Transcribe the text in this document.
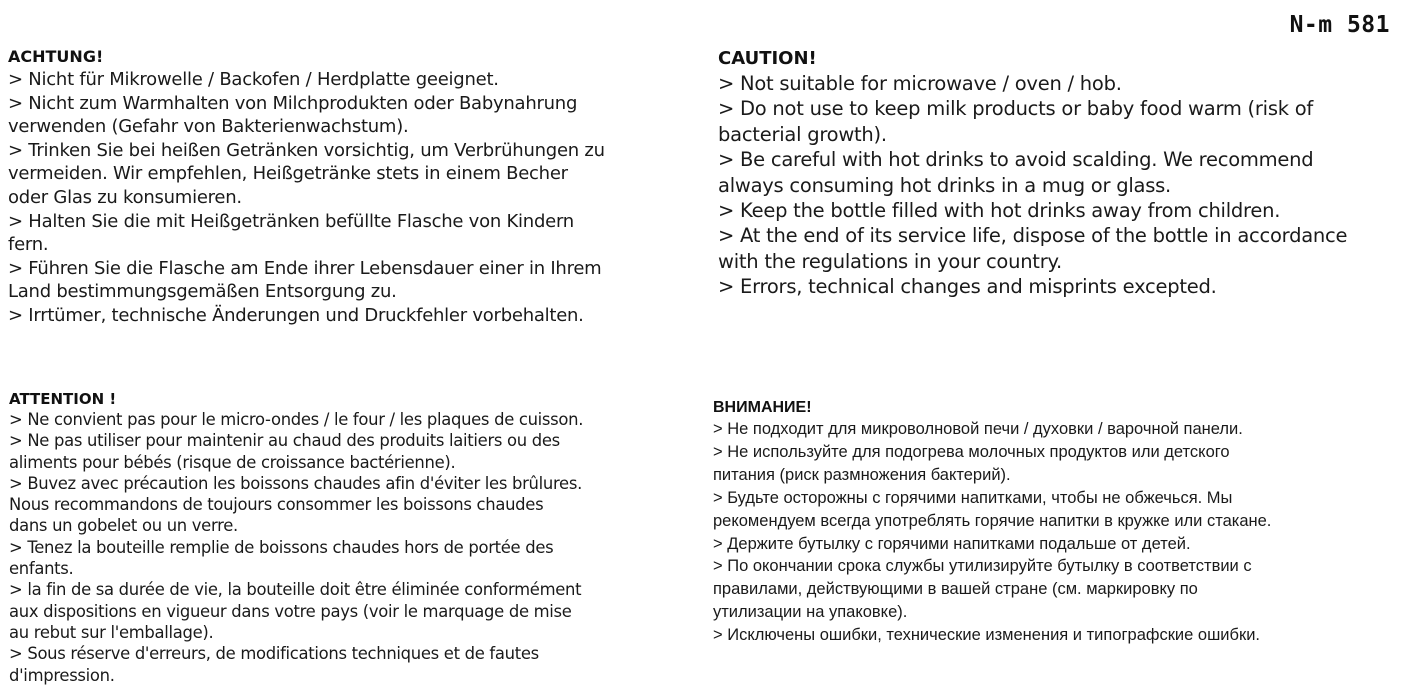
N-m 581
ACHTUNG!

> Nicht für Mikrowelle / Backofen / Herdplatte geeignet.

> Nicht zum Warmhalten von Milchprodukten oder Babynahrung

verwenden (Gefahr von Bakterienwachstum).

> Trinken Sie bei heißen Getränken vorsichtig, um Verbrühungen zu

vermeiden. Wir empfehlen, Heißgetränke stets in einem Becher

oder Glas zu konsumieren.

> Halten Sie die mit Heißgetränken befüllte Flasche von Kindern

fern.

> Führen Sie die Flasche am Ende ihrer Lebensdauer einer in Ihrem

Land bestimmungsgemäßen Entsorgung zu.

> Irrtümer, technische Änderungen und Druckfehler vorbehalten.

CAUTION!

> Not suitable for microwave / oven / hob.

> Do not use to keep milk products or baby food warm (risk of

bacterial growth).

> Be careful with hot drinks to avoid scalding. We recommend

always consuming hot drinks in a mug or glass.

> Keep the bottle filled with hot drinks away from children.

> At the end of its service life, dispose of the bottle in accordance

with the regulations in your country.

> Errors, technical changes and misprints excepted.

ATTENTION !

> Ne convient pas pour le micro-ondes / le four / les plaques de cuisson.

> Ne pas utiliser pour maintenir au chaud des produits laitiers ou des

aliments pour bébés (risque de croissance bactérienne).

> Buvez avec précaution les boissons chaudes afin d'éviter les brûlures.

Nous recommandons de toujours consommer les boissons chaudes

dans un gobelet ou un verre.

> Tenez la bouteille remplie de boissons chaudes hors de portée des

enfants.

> la fin de sa durée de vie, la bouteille doit être éliminée conformément

aux dispositions en vigueur dans votre pays (voir le marquage de mise

au rebut sur l'emballage).

> Sous réserve d'erreurs, de modifications techniques et de fautes

d'impression.

ВНИМАНИЕ!

> Не подходит для микроволновой печи / духовки / варочной панели.

> Не используйте для подогрева молочных продуктов или детского

питания (риск размножения бактерий).

> Будьте осторожны с горячими напитками, чтобы не обжечься. Мы

рекомендуем всегда употреблять горячие напитки в кружке или стакане.

> Держите бутылку с горячими напитками подальше от детей.

> По окончании срока службы утилизируйте бутылку в соответствии с

правилами, действующими в вашей стране (см. маркировку по

утилизации на упаковке).

> Исключены ошибки, технические изменения и типографские ошибки.
